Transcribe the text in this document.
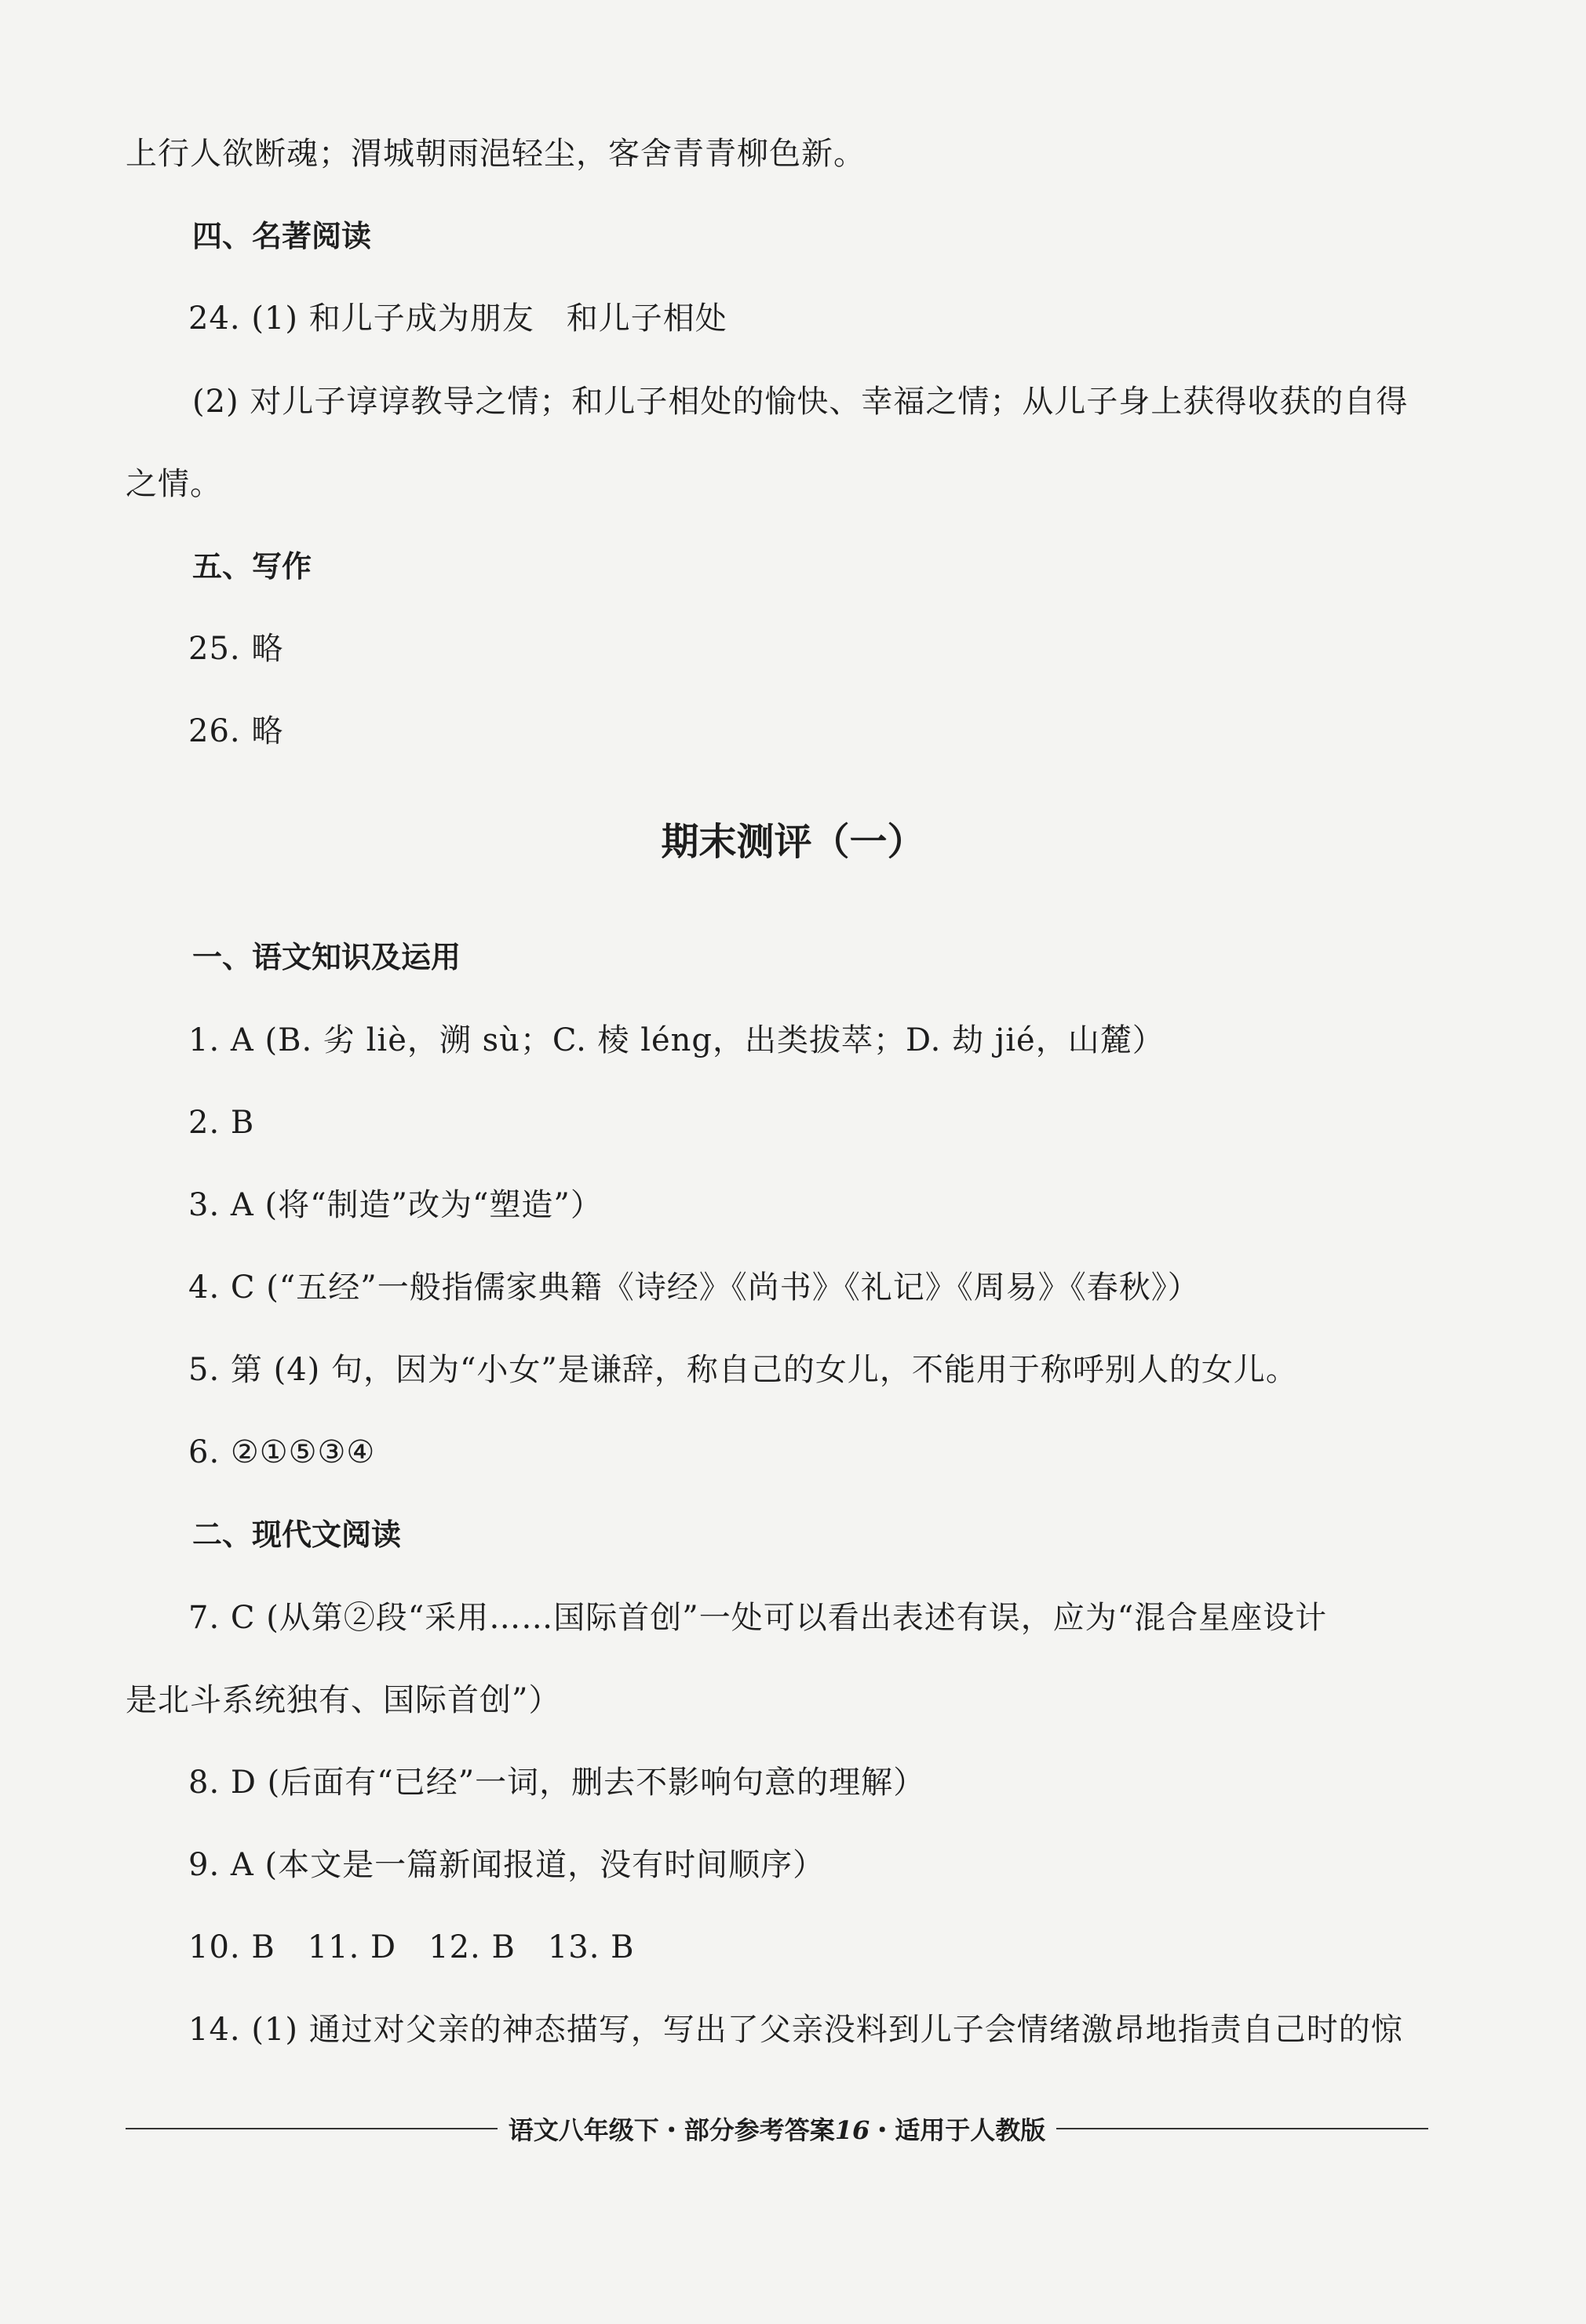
上行人欲断魂；渭城朝雨浥轻尘，客舍青青柳色新。
四、名著阅读
24. (1) 和儿子成为朋友　和儿子相处
(2) 对儿子谆谆教导之情；和儿子相处的愉快、幸福之情；从儿子身上获得收获的自得
之情。
五、写作
25. 略
26. 略
期末测评（一）
一、语文知识及运用
1. A (B. 劣 liè，溯 sù；C. 棱 léng，出类拔萃；D. 劫 jié，山麓）
2. B
3. A (将“制造”改为“塑造”）
4. C (“五经”一般指儒家典籍《诗经》《尚书》《礼记》《周易》《春秋》）
5. 第 (4) 句，因为“小女”是谦辞，称自己的女儿，不能用于称呼别人的女儿。
6. ②①⑤③④
二、现代文阅读
7. C (从第②段“采用……国际首创”一处可以看出表述有误，应为“混合星座设计
是北斗系统独有、国际首创”）
8. D (后面有“已经”一词，删去不影响句意的理解）
9. A (本文是一篇新闻报道，没有时间顺序）
10. B　11. D　12. B　13. B
14. (1) 通过对父亲的神态描写，写出了父亲没料到儿子会情绪激昂地指责自己时的惊
语文八年级下・部分参考答案16・适用于人教版
